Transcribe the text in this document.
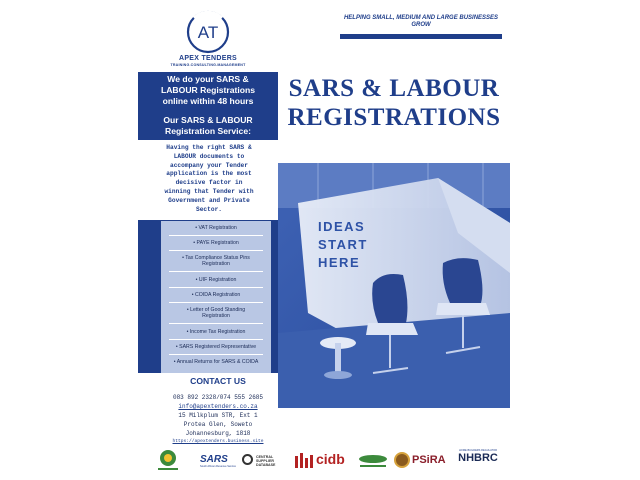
AT
APEX TENDERS
TRAINING.CONSULTING.MANAGEMENT
HELPING SMALL, MEDIUM AND LARGE BUSINESSES
GROW
We do your SARS &
LABOUR Registrations
online within 48 hours
Our SARS & LABOUR
Registration Service:
Having the right SARS &
LABOUR documents to
accompany your Tender
application is the most
decisive factor in
winning that Tender with
Government and Private
Sector.
• VAT Registration
• PAYE Registration
• Tax Compliance Status Pins
Registration
• UIF Registration
• COIDA Registration
• Letter of Good Standing
Registration
• Income Tax Registration
• SARS Registered Representative
• Annual Returns for SARS & COIDA
SARS & LABOUR
REGISTRATIONS
IDEAS
START
HERE
CONTACT US
083 892 2328/074 555 2685
info@apextenders.co.za
15 Milkplum STR, Ext 1
Protea Glen, Soweto
Johannesburg, 1818
https://apextenders.business.site
SARS
South African Revenue Service
CENTRAL SUPPLIER DATABASE	cidb	PSiRA
HOME BUILDERS REGULATOR
NHBRC
